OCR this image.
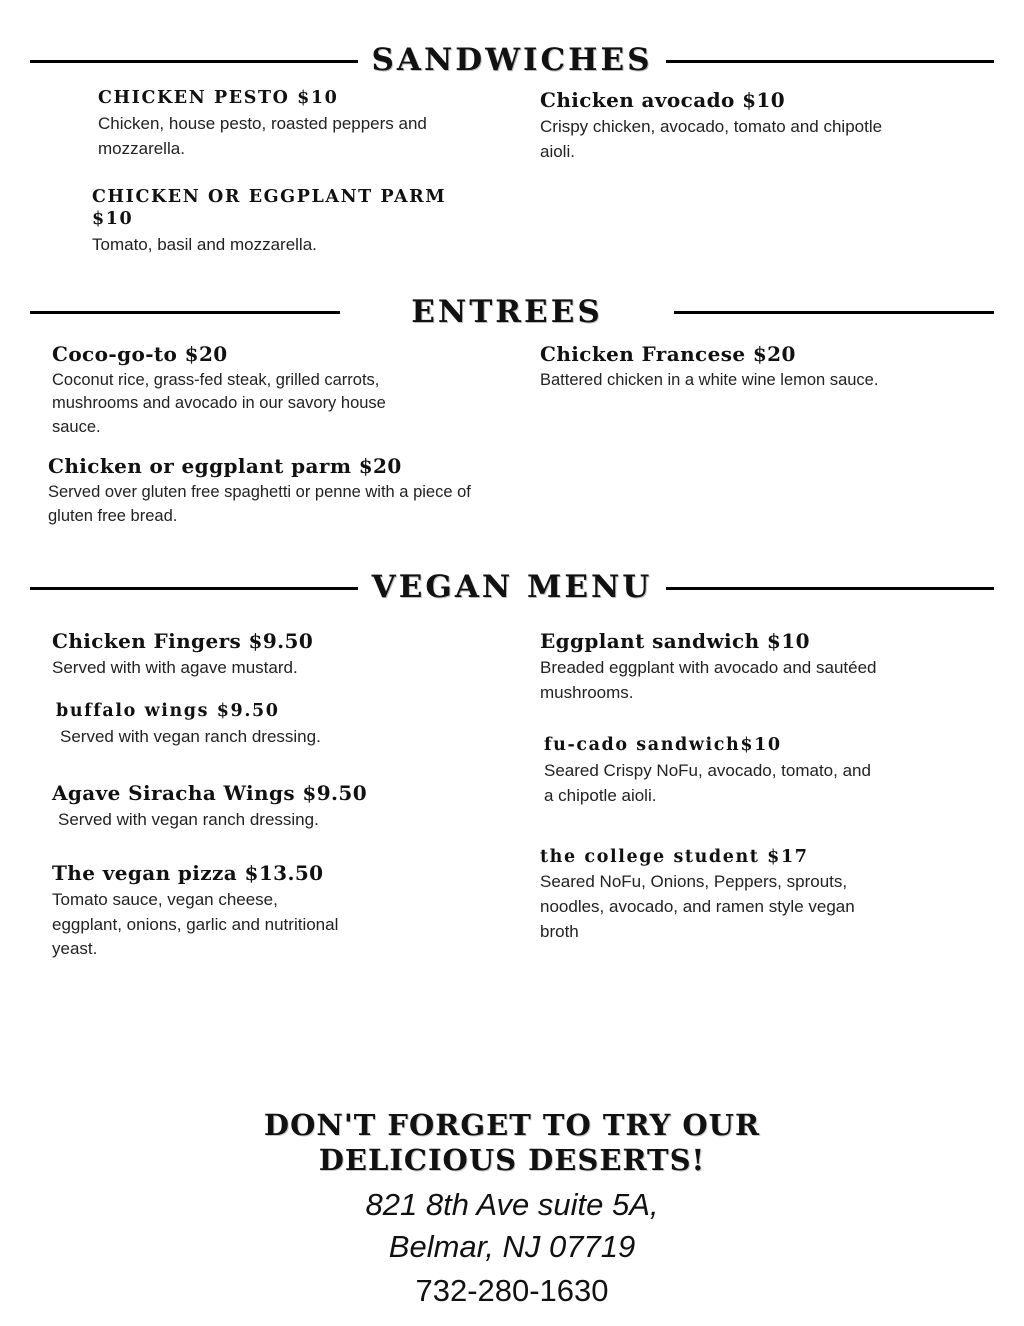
SANDWICHES

CHICKEN PESTO $10

Chicken, house pesto, roasted peppers and mozzarella.

CHICKEN OR EGGPLANT PARM $10

Tomato, basil and mozzarella.

Chicken avocado $10

Crispy chicken, avocado, tomato and chipotle aioli.

ENTREES

Coco-go-to $20

Coconut rice, grass-fed steak, grilled carrots, mushrooms and avocado in our savory house sauce.

Chicken or eggplant parm $20

Served over gluten free spaghetti or penne with a piece of gluten free bread.

Chicken Francese $20

Battered chicken in a white wine lemon sauce.

VEGAN MENU

Chicken Fingers $9.50

Served with with agave mustard.

buffalo wings $9.50

Served with vegan ranch dressing.

Agave Siracha Wings $9.50

Served with vegan ranch dressing.

The vegan pizza $13.50

Tomato sauce, vegan cheese, eggplant, onions, garlic and nutritional yeast.

Eggplant sandwich $10

Breaded eggplant with avocado and sautéed mushrooms.

fu-cado sandwich$10

Seared Crispy NoFu, avocado, tomato, and a chipotle aioli.

the college student $17

Seared NoFu, Onions, Peppers, sprouts, noodles, avocado, and ramen style vegan broth

DON'T FORGET TO TRY OUR

DELICIOUS DESERTS!

821 8th Ave suite 5A,

Belmar, NJ 07719

732-280-1630
